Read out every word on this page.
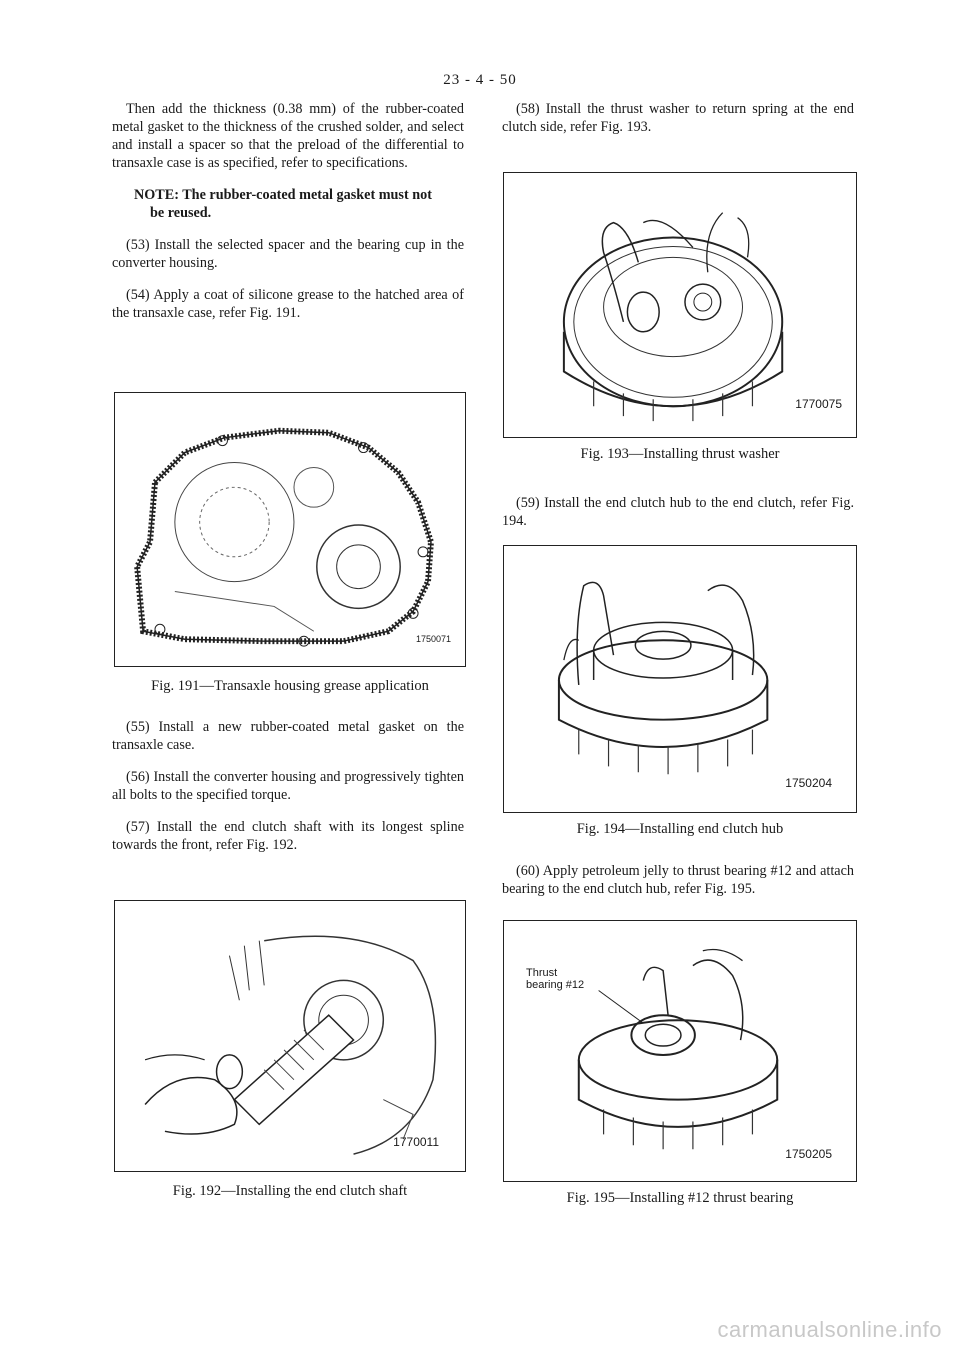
23 - 4 - 50

Then add the thickness (0.38 mm) of the rubber-coated metal gasket to the thickness of the crushed solder, and select and install a spacer so that the preload of the differential to transaxle case is as specified, refer to specifications.

NOTE: The rubber-coated metal gasket must not
be reused.

(53) Install the selected spacer and the bearing cup in the converter housing.

(54) Apply a coat of silicone grease to the hatched area of the transaxle case, refer Fig. 191.

1750071
Fig. 191—Transaxle housing grease application

(55) Install a new rubber-coated metal gasket on the transaxle case.

(56) Install the converter housing and progressively tighten all bolts to the specified torque.

(57) Install the end clutch shaft with its longest spline towards the front, refer Fig. 192.

1770011
Fig. 192—Installing the end clutch shaft

(58) Install the thrust washer to return spring at the end clutch side, refer Fig. 193.

1770075
Fig. 193—Installing thrust washer

(59) Install the end clutch hub to the end clutch, refer Fig. 194.

1750204
Fig. 194—Installing end clutch hub

(60) Apply petroleum jelly to thrust bearing #12 and attach bearing to the end clutch hub, refer Fig. 195.

Thrust
bearing #12
1750205
Fig. 195—Installing #12 thrust bearing
carmanualsonline.info
